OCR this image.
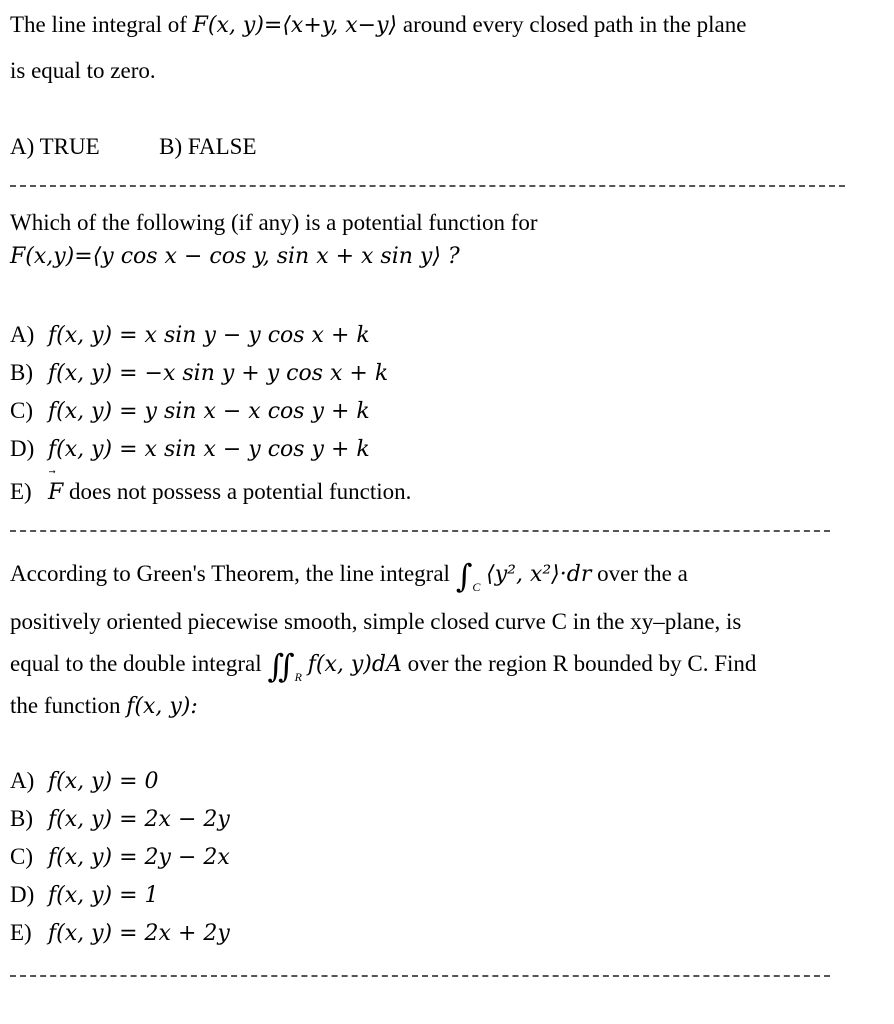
The line integral of F(x, y)=⟨x+y, x−y⟩ around every closed path in the plane
is equal to zero.
A) TRUE	B) FALSE
Which of the following (if any) is a potential function for
F(x,y)=⟨y cos x − cos y, sin x + x sin y⟩ ?
A) f(x, y) = x sin y − y cos x + k
B) f(x, y) = −x sin y + y cos x + k
C) f(x, y) = y sin x − x cos y + k
D) f(x, y) = x sin x − y cos y + k
E) F does not possess a potential function.
According to Green's Theorem, the line integral $\int_C$ ⟨y², x²⟩·dr over the a
positively oriented piecewise smooth, simple closed curve C in the xy–plane, is
equal to the double integral $∬_R$ f(x, y)dA over the region R bounded by C. Find
the function f(x, y):
A) f(x, y) = 0
B) f(x, y) = 2x − 2y
C) f(x, y) = 2y − 2x
D) f(x, y) = 1
E) f(x, y) = 2x + 2y
